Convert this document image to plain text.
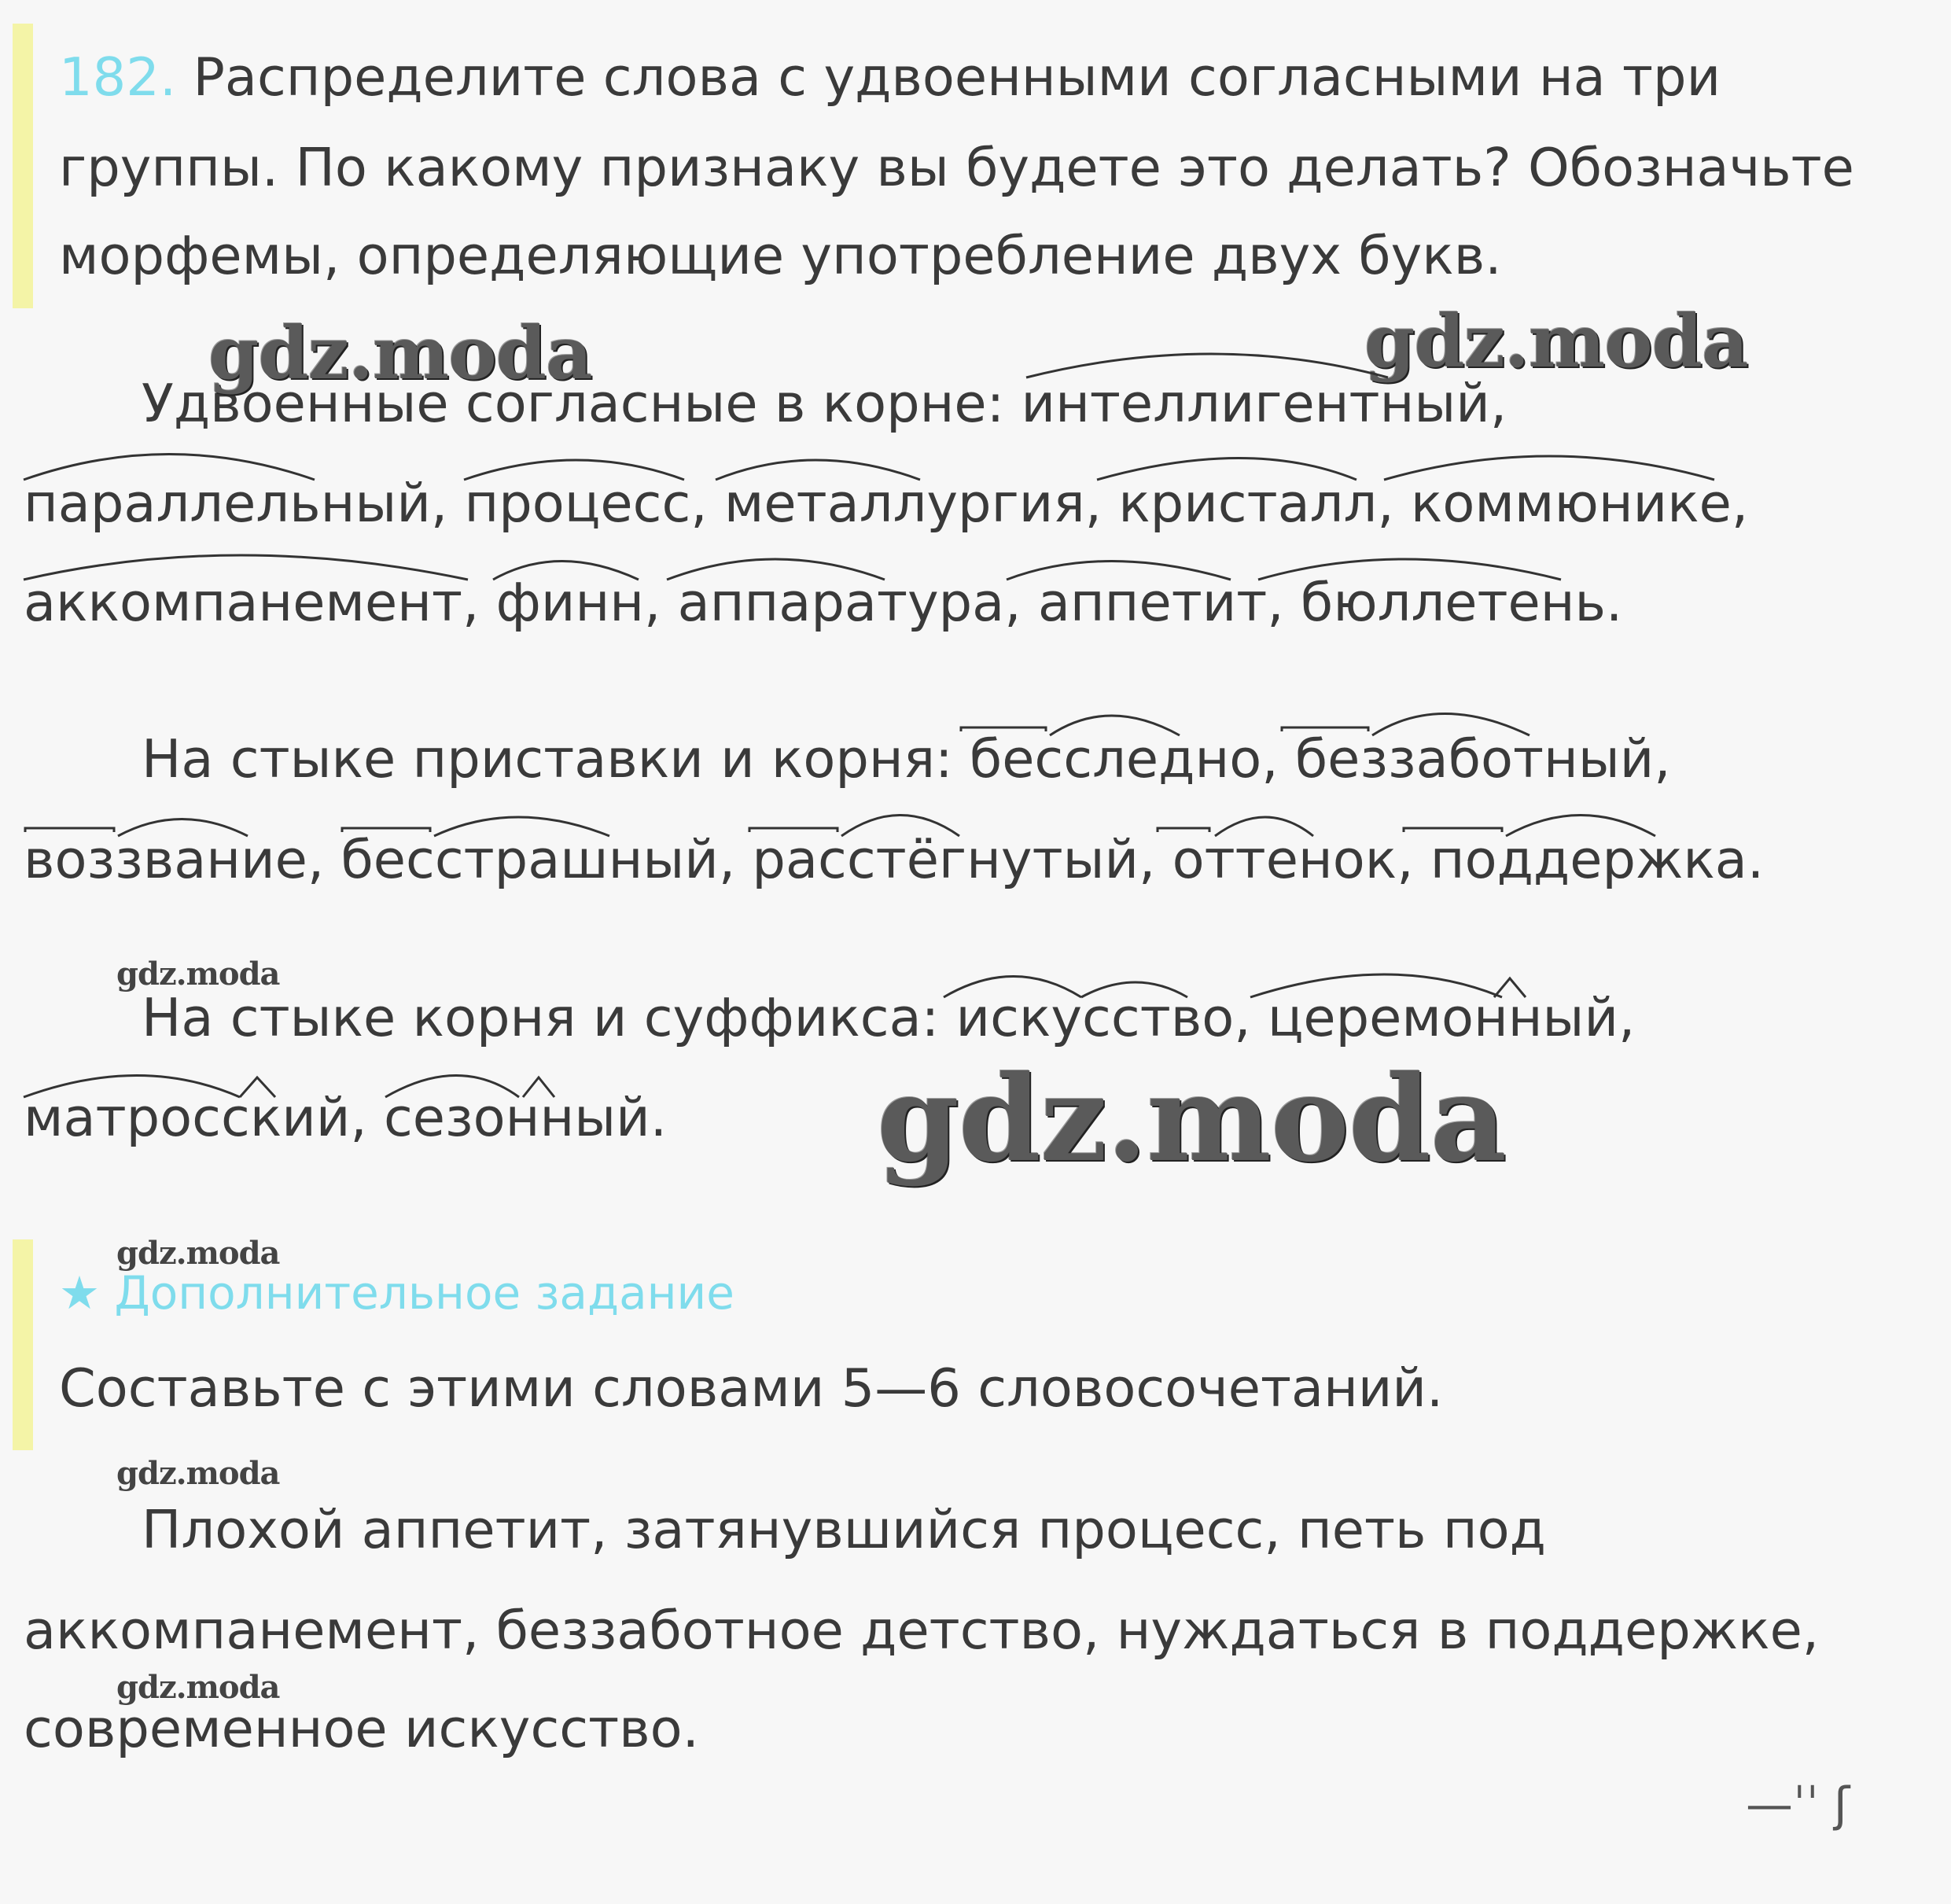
182. Распределите слова с удвоенными согласными на три
группы. По какому признаку вы будете это делать? Обозначьте
морфемы, определяющие употребление двух букв.
Удвоенные согласные в корне: интеллигентный,
параллельный, процесс, металлургия, кристалл, коммюнике,
аккомпанемент, финн, аппаратура, аппетит, бюллетень.
На стыке приставки и корня: бесследно, беззаботный,
воззвание, бесстрашный, расстёгнутый, оттенок, поддержка.
На стыке корня и суффикса: искусство, церемонный,
матросский, сезонный.
★ Дополнительное задание
Составьте с этими словами 5—6 словосочетаний.
Плохой аппетит, затянувшийся процесс, петь под
аккомпанемент, беззаботное детство, нуждаться в поддержке,
современное искусство.
gdz.moda	gdz.moda
gdz.moda
gdz.moda
gdz.moda
gdz.moda
gdz.moda
—ˈˈ ʃ
